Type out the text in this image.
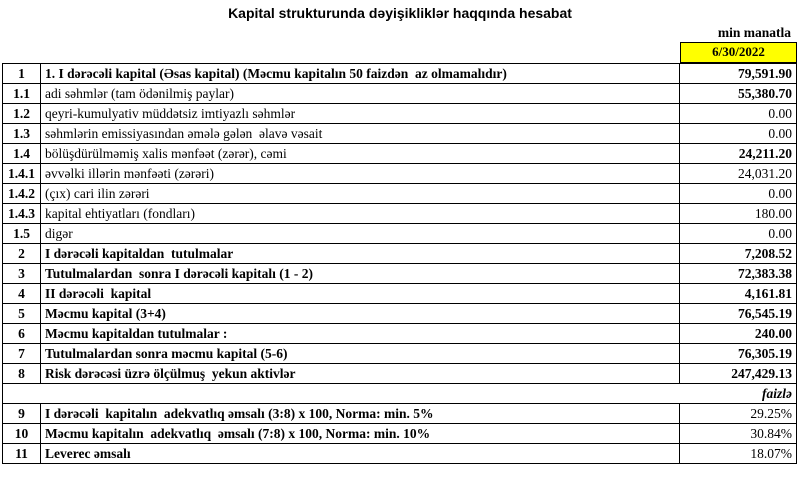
Kapital strukturunda dəyişikliklər haqqında hesabat
min manatla
6/30/2022
1	1. I dərəcəli kapital (Əsas kapital) (Məcmu kapitalın 50 faizdən  az olmamalıdır)	79,591.90
1.1	adi səhmlər (tam ödənilmiş paylar)	55,380.70
1.2	qeyri-kumulyativ müddətsiz imtiyazlı səhmlər	0.00
1.3	səhmlərin emissiyasından əmələ gələn  əlavə vəsait	0.00
1.4	bölüşdürülməmiş xalis mənfəət (zərər), cəmi	24,211.20
1.4.1	əvvəlki illərin mənfəəti (zərəri)	24,031.20
1.4.2	(çıx) cari ilin zərəri	0.00
1.4.3	kapital ehtiyatları (fondları)	180.00
1.5	digər	0.00
2	I dərəcəli kapitaldan  tutulmalar	7,208.52
3	Tutulmalardan  sonra I dərəcəli kapitalı (1 - 2)	72,383.38
4	II dərəcəli  kapital	4,161.81
5	Məcmu kapital (3+4)	76,545.19
6	Məcmu kapitaldan tutulmalar :	240.00
7	Tutulmalardan sonra məcmu kapital (5-6)	76,305.19
8	Risk dərəcəsi üzrə ölçülmuş  yekun aktivlər	247,429.13
faizlə		
9	I dərəcəli  kapitalın  adekvatlıq əmsalı (3:8) x 100, Norma: min. 5%	29.25%
10	Məcmu kapitalın  adekvatlıq  əmsalı (7:8) x 100, Norma: min. 10%	30.84%
11	Leverec əmsalı	18.07%
